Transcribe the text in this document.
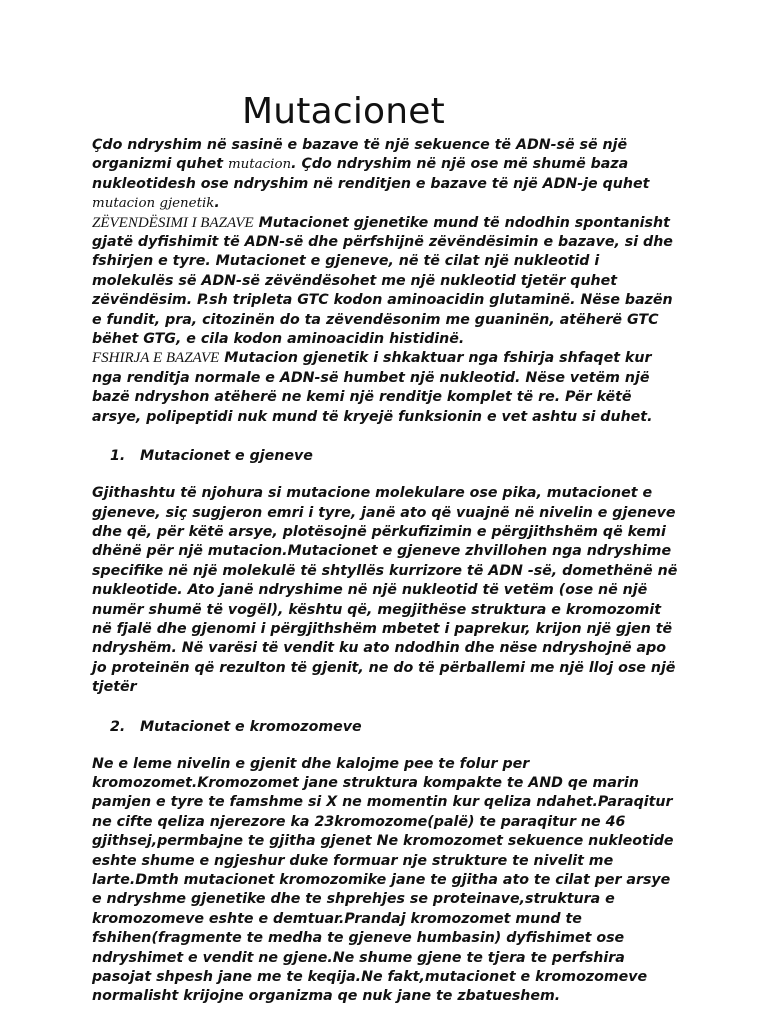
Mutacionet

Çdo ndryshim në sasinë e bazave të një sekuence të ADN-së së një organizmi quhet mutacion. Çdo ndryshim në një ose më shumë baza nukleotidesh ose ndryshim në renditjen e bazave të një ADN-je quhet mutacion gjenetik.
ZËVENDËSIMI I BAZAVE Mutacionet gjenetike mund të ndodhin spontanisht gjatë dyfishimit të ADN-së dhe përfshijnë zëvëndësimin e bazave, si dhe fshirjen e tyre. Mutacionet e gjeneve, në të cilat një nukleotid i molekulës së ADN-së zëvëndësohet me një nukleotid tjetër quhet zëvëndësim. P.sh tripleta GTC kodon aminoacidin glutaminë. Nëse bazën e fundit, pra, citozinën do ta zëvendësonim me guaninën, atëherë GTC bëhet GTG, e cila kodon aminoacidin histidinë.
FSHIRJA E BAZAVE Mutacion gjenetik i shkaktuar nga fshirja shfaqet kur nga renditja normale e ADN-së humbet një nukleotid. Nëse vetëm një bazë ndryshon atëherë ne kemi një renditje komplet të re. Për këtë arsye, polipeptidi nuk mund të kryejë funksionin e vet ashtu si duhet.

1. Mutacionet e gjeneve

Gjithashtu të njohura si mutacione molekulare ose pika, mutacionet e gjeneve, siç sugjeron emri i tyre, janë ato që vuajnë në nivelin e gjeneve dhe që, për këtë arsye, plotësojnë përkufizimin e përgjithshëm që kemi dhënë për një mutacion.Mutacionet e gjeneve zhvillohen nga ndryshime specifike në një molekulë të shtyllës kurrizore të ADN -së, domethënë në nukleotide. Ato janë ndryshime në një nukleotid të vetëm (ose në një numër shumë të vogël), kështu që, megjithëse struktura e kromozomit në fjalë dhe gjenomi i përgjithshëm mbetet i paprekur, krijon një gjen të ndryshëm. Në varësi të vendit ku ato ndodhin dhe nëse ndryshojnë apo jo proteinën që rezulton të gjenit, ne do të përballemi me një lloj ose një tjetër

2. Mutacionet e kromozomeve

Ne e leme nivelin e gjenit dhe kalojme pee te folur per kromozomet.Kromozomet jane struktura kompakte te AND qe marin pamjen e tyre te famshme si X ne momentin kur qeliza ndahet.Paraqitur ne cifte qeliza njerezore ka 23kromozome(palë) te paraqitur ne 46 gjithsej,permbajne te gjitha gjenet Ne kromozomet sekuence nukleotide eshte shume e ngjeshur duke formuar nje strukture te nivelit me larte.Dmth mutacionet kromozomike jane te gjitha ato te cilat per arsye e ndryshme gjenetike dhe te shprehjes se proteinave,struktura e kromozomeve eshte e demtuar.Prandaj kromozomet mund te fshihen(fragmente te medha te gjeneve humbasin) dyfishimet ose ndryshimet e vendit ne gjene.Ne shume gjene te tjera te perfshira pasojat shpesh jane me te keqija.Ne fakt,mutacionet e kromozomeve normalisht krijojne organizma qe nuk jane te zbatueshem.
